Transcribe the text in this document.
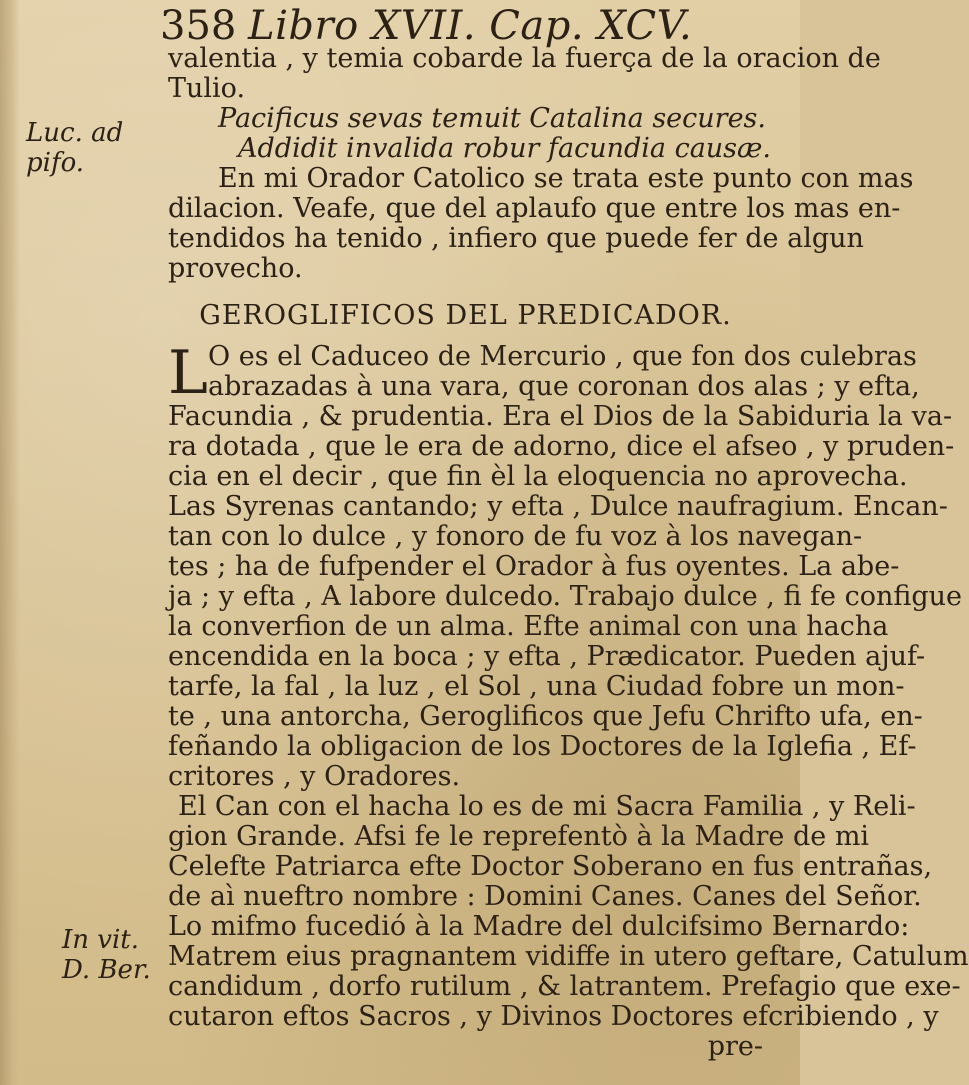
358 Libro XVII. Cap. XCV.
Luc. ad
pifo.
In vit.
D. Ber.
valentia , y temia cobarde la fuerça de la oracion de
Tulio.
Pacificus sevas temuit Catalina secures.
Addidit invalida robur facundia causæ.
En mi Orador Catolico se trata este punto con mas
dilacion. Veafe, que del aplaufo que entre los mas en-
tendidos ha tenido , infiero que puede fer de algun
provecho.
GEROGLIFICOS DEL PREDICADOR.
L O es el Caduceo de Mercurio , que fon dos culebras
abrazadas à una vara, que coronan dos alas ; y efta,
Facundia , & prudentia. Era el Dios de la Sabiduria la va-
ra dotada , que le era de adorno, dice el afseo , y pruden-
cia en el decir , que fin èl la eloquencia no aprovecha.
Las Syrenas cantando; y efta , Dulce naufragium. Encan-
tan con lo dulce , y fonoro de fu voz à los navegan-
tes ; ha de fufpender el Orador à fus oyentes. La abe-
ja ; y efta , A labore dulcedo. Trabajo dulce , fi fe configue
la converfion de un alma. Efte animal con una hacha
encendida en la boca ; y efta , Prædicator. Pueden ajuf-
tarfe, la fal , la luz , el Sol , una Ciudad fobre un mon-
te , una antorcha, Geroglificos que Jefu Chrifto ufa, en-
feñando la obligacion de los Doctores de la Iglefia , Ef-
critores , y Oradores.
El Can con el hacha lo es de mi Sacra Familia , y Reli-
gion Grande. Afsi fe le reprefentò à la Madre de mi
Celefte Patriarca efte Doctor Soberano en fus entrañas,
de aì nueftro nombre : Domini Canes. Canes del Señor.
Lo mifmo fucedió à la Madre del dulcifsimo Bernardo:
Matrem eius pragnantem vidiffe in utero geftare, Catulum
candidum , dorfo rutilum , & latrantem. Prefagio que exe-
cutaron eftos Sacros , y Divinos Doctores efcribiendo , y
pre-
